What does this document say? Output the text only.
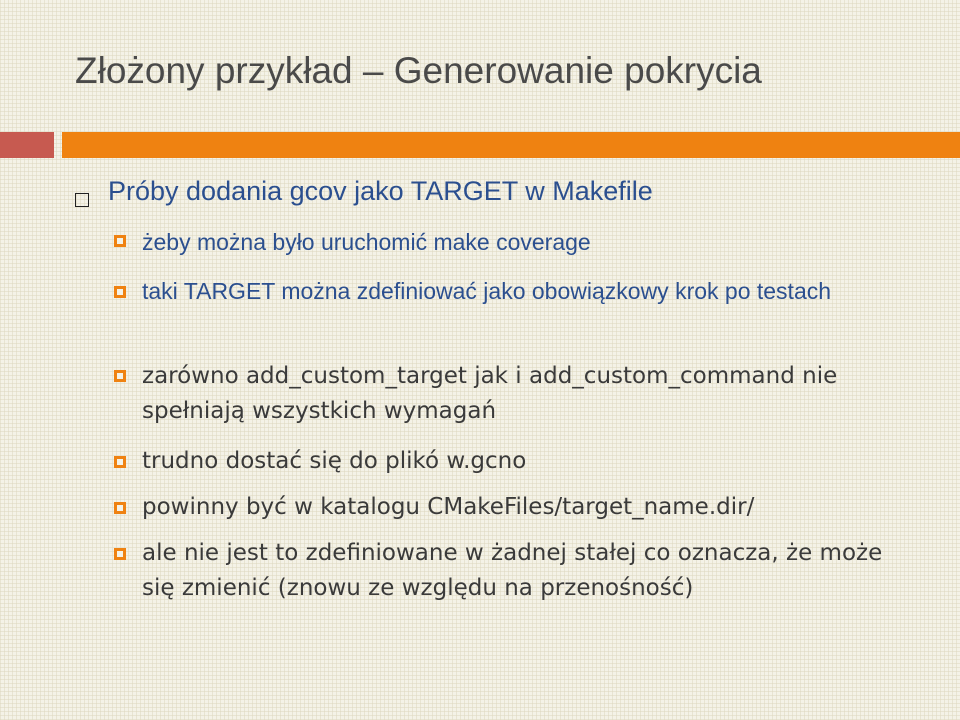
Złożony przykład – Generowanie pokrycia
Próby dodania gcov jako TARGET w Makefile
żeby można było uruchomić make coverage
taki TARGET można zdefiniować jako obowiązkowy krok po testach
zarówno add_custom_target jak i add_custom_command nie spełniają wszystkich wymagań
trudno dostać się do plikó w.gcno
powinny być w katalogu CMakeFiles/target_name.dir/
ale nie jest to zdefiniowane w żadnej stałej co oznacza, że może się zmienić (znowu ze względu na przenośność)
